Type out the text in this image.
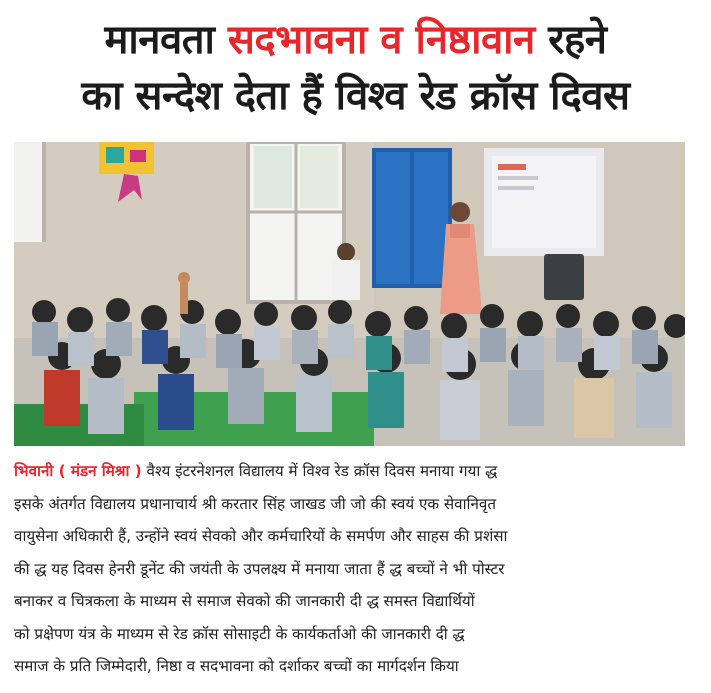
मानवता सदभावना व निष्ठावान रहने
का सन्देश देता हैं विश्व रेड क्रॉस दिवस
भिवानी ( मंडन मिश्रा ) वैश्य इंटरनेशनल विद्यालय में विश्व रेड क्रॉस दिवस मनाया गया द्ध
इसके अंतर्गत विद्यालय प्रधानाचार्य श्री करतार सिंह जाखड जी जो की स्वयं एक सेवानिवृत
वायुसेना अधिकारी हैं, उन्होंने स्वयं सेवको और कर्मचारियों के समर्पण और साहस की प्रशंसा
की द्ध यह दिवस हेनरी डूनेंट की जयंती के उपलक्ष्य में मनाया जाता हैं द्ध बच्चों ने भी पोस्टर
बनाकर व चित्रकला के माध्यम से समाज सेवको की जानकारी दी द्ध समस्त विद्यार्थियों
को प्रक्षेपण यंत्र के माध्यम से रेड क्रॉस सोसाइटी के कार्यकर्ताओ की जानकारी दी द्ध
समाज के प्रति जिम्मेदारी, निष्ठा व सदभावना को दर्शाकर बच्चों का मार्गदर्शन किया
